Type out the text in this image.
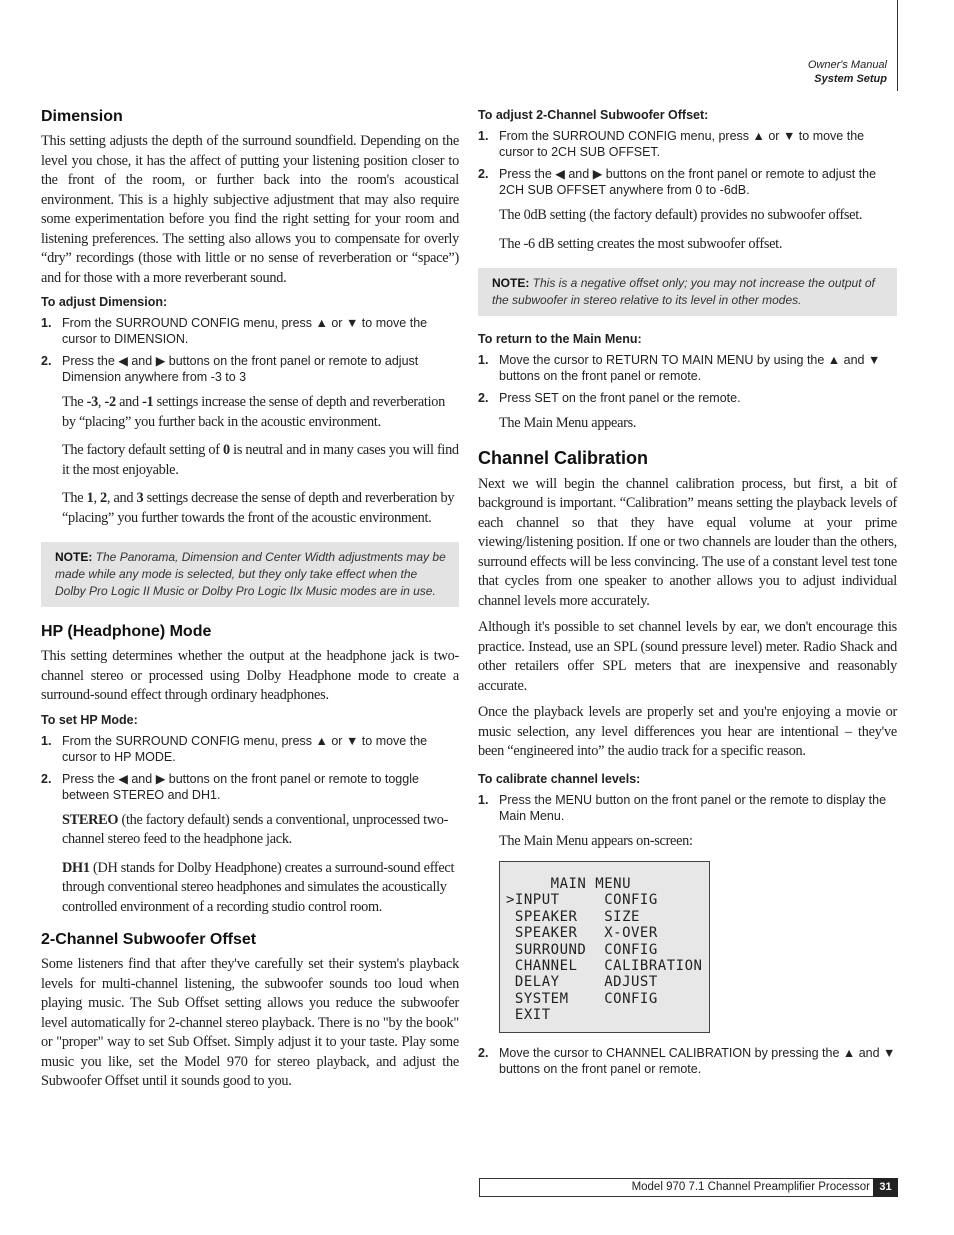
Owner's Manual
System Setup
Dimension

This setting adjusts the depth of the surround soundfield. Depending on the level you chose, it has the affect of putting your listening position closer to the front of the room, or further back into the room's acoustical environment. This is a highly subjective adjustment that may also require some experimentation before you find the right setting for your room and listening preferences. The setting also allows you to compensate for overly “dry” recordings (those with little or no sense of reverberation or “space”) and for those with a more reverberant sound.

To adjust Dimension:
1. From the SURROUND CONFIG menu, press ▲ or ▼ to move the cursor to DIMENSION.
2. Press the ◀ and ▶ buttons on the front panel or remote to adjust Dimension anywhere from -3 to 3

The -3, -2 and -1 settings increase the sense of depth and reverberation by “placing” you further back in the acoustic environment.

The factory default setting of 0 is neutral and in many cases you will find it the most enjoyable.

The 1, 2, and 3 settings decrease the sense of depth and reverberation by “placing” you further towards the front of the acoustic environment.

NOTE: The Panorama, Dimension and Center Width adjustments may be made while any mode is selected, but they only take effect when the Dolby Pro Logic II Music or Dolby Pro Logic IIx Music modes are in use.
HP (Headphone) Mode

This setting determines whether the output at the headphone jack is two-channel stereo or processed using Dolby Headphone mode to create a surround-sound effect through ordinary headphones.

To set HP Mode:
1. From the SURROUND CONFIG menu, press ▲ or ▼ to move the cursor to HP MODE.
2. Press the ◀ and ▶ buttons on the front panel or remote to toggle between STEREO and DH1.

STEREO (the factory default) sends a conventional, unprocessed two-channel stereo feed to the headphone jack.

DH1 (DH stands for Dolby Headphone) creates a surround-sound effect through conventional stereo headphones and simulates the acoustically controlled environment of a recording studio control room.

2-Channel Subwoofer Offset

Some listeners find that after they've carefully set their system's playback levels for multi-channel listening, the subwoofer sounds too loud when playing music. The Sub Offset setting allows you reduce the subwoofer level automatically for 2-channel stereo playback. There is no "by the book" or "proper" way to set Sub Offset. Simply adjust it to your taste. Play some music you like, set the Model 970 for stereo playback, and adjust the Subwoofer Offset until it sounds good to you.

To adjust 2-Channel Subwoofer Offset:
1. From the SURROUND CONFIG menu, press ▲ or ▼ to move the cursor to 2CH SUB OFFSET.
2. Press the ◀ and ▶ buttons on the front panel or remote to adjust the 2CH SUB OFFSET anywhere from 0 to -6dB.

The 0dB setting (the factory default) provides no subwoofer offset.

The -6 dB setting creates the most subwoofer offset.

NOTE: This is a negative offset only; you may not increase the output of the subwoofer in stereo relative to its level in other modes.
To return to the Main Menu:
1. Move the cursor to RETURN TO MAIN MENU by using the ▲ and ▼ buttons on the front panel or remote.
2. Press SET on the front panel or the remote.

The Main Menu appears.

Channel Calibration

Next we will begin the channel calibration process, but first, a bit of background is important. “Calibration” means setting the playback levels of each channel so that they have equal volume at your prime viewing/listening position. If one or two channels are louder than the others, surround effects will be less convincing. The use of a constant level test tone that cycles from one speaker to another allows you to adjust individual channel levels more accurately.

Although it's possible to set channel levels by ear, we don't encourage this practice. Instead, use an SPL (sound pressure level) meter. Radio Shack and other retailers offer SPL meters that are inexpensive and reasonably accurate.

Once the playback levels are properly set and you're enjoying a movie or music selection, any level differences you hear are intentional – they've been “engineered into” the audio track for a specific reason.

To calibrate channel levels:
1. Press the MENU button on the front panel or the remote to display the Main Menu.

The Main Menu appears on-screen:

MAIN MENU
>INPUT     CONFIG
SPEAKER   SIZE
SPEAKER   X-OVER
SURROUND  CONFIG
CHANNEL   CALIBRATION
DELAY     ADJUST
SYSTEM    CONFIG
EXIT
2. Move the cursor to CHANNEL CALIBRATION by pressing the ▲ and ▼ buttons on the front panel or remote.
Model 970 7.1 Channel Preamplifier Processor 31
